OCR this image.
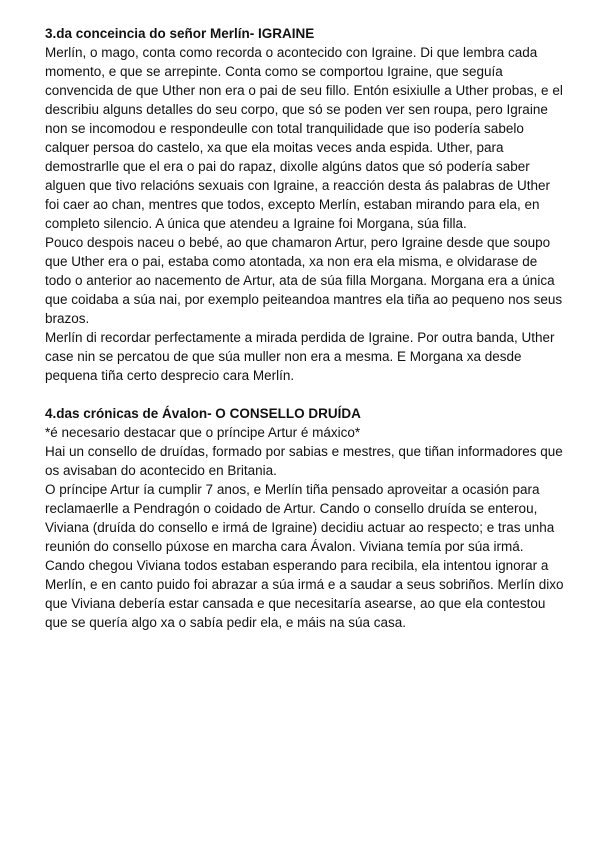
3.da conceincia do señor Merlín- IGRAINE

Merlín, o mago, conta como recorda o acontecido con Igraine. Di que lembra cada momento, e que se arrepinte. Conta como se comportou Igraine, que seguía convencida de que Uther non era o pai de seu fillo. Entón esixiulle a Uther probas, e el describiu alguns detalles do seu corpo, que só se poden ver sen roupa, pero Igraine non se incomodou e respondeulle con total tranquilidade que iso podería sabelo calquer persoa do castelo, xa que ela moitas veces anda espida. Uther, para demostrarlle que el era o pai do rapaz, dixolle algúns datos que só podería saber alguen que tivo relacións sexuais con Igraine, a reacción desta ás palabras de Uther foi caer ao chan, mentres que todos, excepto Merlín, estaban mirando para ela, en completo silencio. A única que atendeu a Igraine foi Morgana, súa filla.

Pouco despois naceu o bebé, ao que chamaron Artur, pero Igraine desde que soupo que Uther era o pai, estaba como atontada, xa non era ela misma, e olvidarase de todo o anterior ao nacemento de Artur, ata de súa filla Morgana. Morgana era a única que coidaba a súa nai, por exemplo peiteandoa mantres ela tiña ao pequeno nos seus brazos.

Merlín di recordar perfectamente a mirada perdida de Igraine. Por outra banda, Uther case nin se percatou de que súa muller non era a mesma. E Morgana xa desde pequena tiña certo desprecio cara Merlín.

4.das crónicas de Ávalon- O CONSELLO DRUÍDA

*é necesario destacar que o príncipe Artur é máxico*

Hai un consello de druídas, formado por sabias e mestres, que tiñan informadores que os avisaban do acontecido en Britania.

O príncipe Artur ía cumplir 7 anos, e Merlín tiña pensado aproveitar a ocasión para reclamaerlle a Pendragón o coidado de Artur. Cando o consello druída se enterou, Viviana (druída do consello e irmá de Igraine) decidiu actuar ao respecto; e tras unha reunión do consello púxose en marcha cara Ávalon. Viviana temía por súa irmá.

Cando chegou Viviana todos estaban esperando para recibila, ela intentou ignorar a Merlín, e en canto puido foi abrazar a súa irmá e a saudar a seus sobriños. Merlín dixo que Viviana debería estar cansada e que necesitaría asearse, ao que ela contestou que se quería algo xa o sabía pedir ela, e máis na súa casa.
